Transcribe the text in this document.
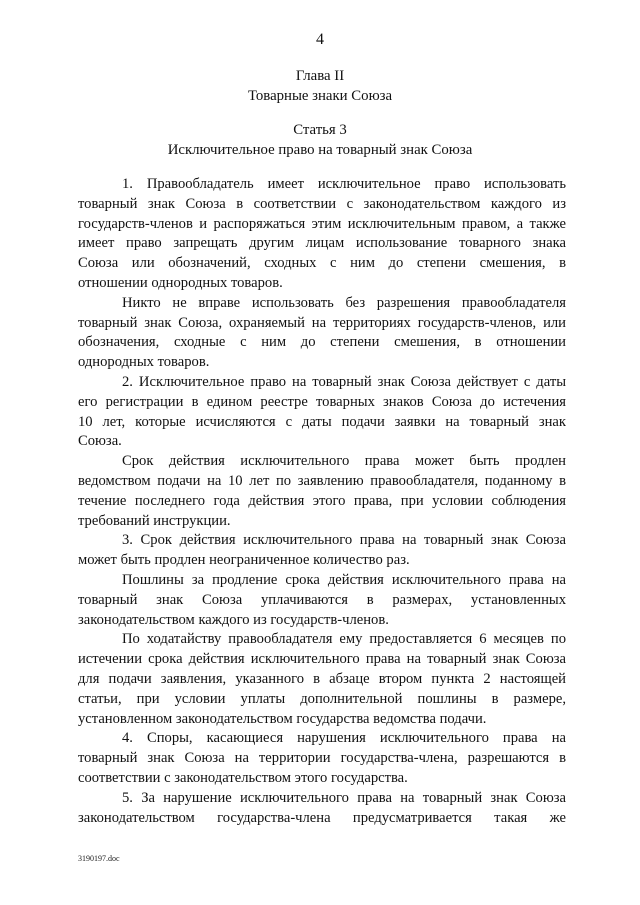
4
Глава II
Товарные знаки Союза
Статья 3
Исключительное право на товарный знак Союза
1. Правообладатель имеет исключительное право использовать
товарный знак Союза в соответствии с законодательством каждого из
государств-членов и распоряжаться этим исключительным правом, а также
имеет право запрещать другим лицам использование товарного знака
Союза или обозначений, сходных с ним до степени смешения, в
отношении однородных товаров.
Никто не вправе использовать без разрешения правообладателя
товарный знак Союза, охраняемый на территориях государств-членов, или
обозначения, сходные с ним до степени смешения, в отношении
однородных товаров.
2. Исключительное право на товарный знак Союза действует с даты
его регистрации в едином реестре товарных знаков Союза до истечения
10 лет, которые исчисляются с даты подачи заявки на товарный знак
Союза.
Срок действия исключительного права может быть продлен
ведомством подачи на 10 лет по заявлению правообладателя, поданному в
течение последнего года действия этого права, при условии соблюдения
требований инструкции.
3. Срок действия исключительного права на товарный знак Союза
может быть продлен неограниченное количество раз.
Пошлины за продление срока действия исключительного права на
товарный знак Союза уплачиваются в размерах, установленных
законодательством каждого из государств-членов.
По ходатайству правообладателя ему предоставляется 6 месяцев по
истечении срока действия исключительного права на товарный знак Союза
для подачи заявления, указанного в абзаце втором пункта 2 настоящей
статьи, при условии уплаты дополнительной пошлины в размере,
установленном законодательством государства ведомства подачи.
4. Споры, касающиеся нарушения исключительного права на
товарный знак Союза на территории государства-члена, разрешаются в
соответствии с законодательством этого государства.
5. За нарушение исключительного права на товарный знак Союза
законодательством государства-члена предусматривается такая же
3190197.doc
